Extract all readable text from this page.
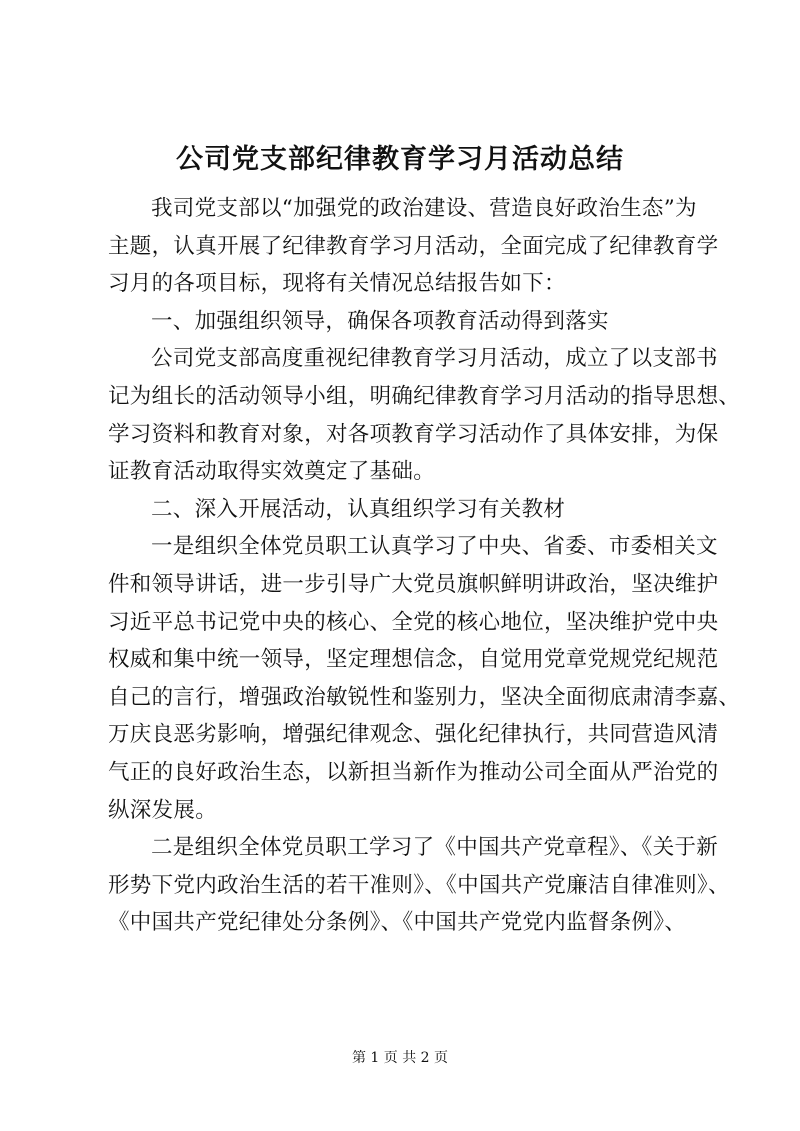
公司党支部纪律教育学习月活动总结
我司党支部以“加强党的政治建设、营造良好政治生态”为
主题，认真开展了纪律教育学习月活动，全面完成了纪律教育学
习月的各项目标，现将有关情况总结报告如下：
一、加强组织领导，确保各项教育活动得到落实
公司党支部高度重视纪律教育学习月活动，成立了以支部书
记为组长的活动领导小组，明确纪律教育学习月活动的指导思想、
学习资料和教育对象，对各项教育学习活动作了具体安排，为保
证教育活动取得实效奠定了基础。
二、深入开展活动，认真组织学习有关教材
一是组织全体党员职工认真学习了中央、省委、市委相关文
件和领导讲话，进一步引导广大党员旗帜鲜明讲政治，坚决维护
习近平总书记党中央的核心、全党的核心地位，坚决维护党中央
权威和集中统一领导，坚定理想信念，自觉用党章党规党纪规范
自己的言行，增强政治敏锐性和鉴别力，坚决全面彻底肃清李嘉、
万庆良恶劣影响，增强纪律观念、强化纪律执行，共同营造风清
气正的良好政治生态，以新担当新作为推动公司全面从严治党的
纵深发展。
二是组织全体党员职工学习了《中国共产党章程》、《关于新
形势下党内政治生活的若干准则》、《中国共产党廉洁自律准则》、
《中国共产党纪律处分条例》、《中国共产党党内监督条例》、
第 1 页 共 2 页
